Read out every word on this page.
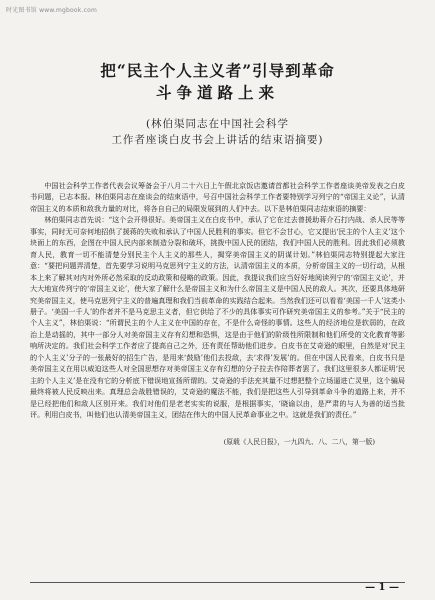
时光图书馆 www.mgbook.com
把“民主个人主义者”引导到革命
斗争道路上来
(林伯渠同志在中国社会科学
工作者座谈白皮书会上讲话的结束语摘要)

中国社会科学工作者代表会议筹备会于八月二十六日上午假北京饭店邀请首都社会科学工作者座谈美帝发表之白皮书问题，已志本报。林伯渠同志在座谈会的结束语中，号召中国社会科学工作者要特别学习列宁的“帝国主义论”，认清帝国主义的本质和敌我力量的对比，将各自自己的局限发展到的人们中去。以下是林伯渠同志结束语的摘要：

林伯渠同志首先说：“这个会开得很好。美帝国主义在白皮书中，承认了它在过去曾援助蒋介石打内战、杀人民等等事实，同时无可奈何地招供了援蒋的失败和承认了中国人民胜利的事实。但它不会甘心，它又提出‘民主的个人主义’这个块面上的东西，企图在中国人民内部来制造分裂和破坏，挑拨中国人民的团结，我们中国人民的胜利。因此我们必须教育人民，教育一切不能清楚分别民主个人主义的那些人，揭穿美帝国主义的阴谋计划。”林伯渠同志特别提起大家注意：“要把问题弄清楚，首先要学习说明马克思列宁主义的方法，认清帝国主义的本质，分析帝国主义的一切行动，从根本上来了解其对内对外所必然采取的反动政策和侵略的政策。因此，我提议我们应当好好地阅读列宁的‘帝国主义论’，并大大地宣传列宁的‘帝国主义论’，使大家了解什么是帝国主义和为什么帝国主义是中国人民的敌人。其次，还要具体地研究美帝国主义，使马克思列宁主义的普遍真理和我们当前革命的实践结合起来。当然我们还可以看看‘美国一千人’这类小册子。‘美国一千人’的作者并不是马克思主义者，但它供给了不少的具体事实可作研究美帝国主义的参考。”关于“民主的个人主义”，林伯渠说：“所谓民主的个人主义在中国的存在，不是什么奇怪的事情。这些人的经济地位是软弱的，在政治上是动摇的，其中一部分人对美帝国主义存有幻想和恐惧，这是由于他们的阶级性所限制和他们所受的文化教育等影响所决定的。我们社会科学工作者应了提高自己之外，还有责任帮助他们进步。白皮书在艾奇逊的眼里，自然是对‘民主的个人主义’分子的一张最好的招生广告，是用来‘鼓励’他们去投敌，去‘求得’发展’的。但在中国人民看来，白皮书只是美帝国主义在用以威迫这些人对全国思想存对美帝国主义存有幻想的分子拉去作陪葬者罢了。我们这里很多人都证明‘民主的个人主义’是在没有它的分析底下错误地宣扬所谓的。艾奇逊的手法充其量不过想把整个立场逼进亡灵里，这个骗局最终将被人民反映出来。真理总会战胜错误的，艾奇逊的魔法不能，我们是把这些人引导到革命斗争的道路上来，并不是已经把他们和敌人区别开来。我们对他们是老老实实的说服，是根据事实，‘晓谕以由，是严肃的与人为善的适当批评。利用白皮书，叫他们也认清美帝国主义，团结在伟大的中国人民革命事业之中。这就是我们的责任。”

(原载《人民日报》，一九四九、八、二八，第一版)
— 1 —
